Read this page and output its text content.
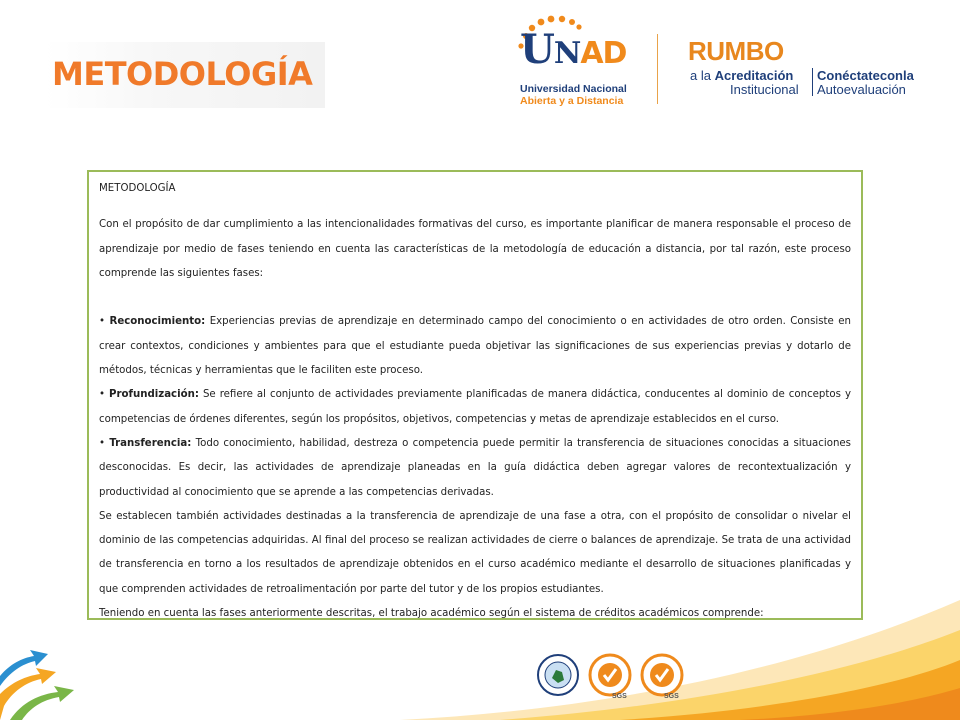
METODOLOGÍA
UNAD
Universidad Nacional
Abierta y a Distancia
RUMBO
a la Acreditación
Institucional
Conéctateconla
Autoevaluación

METODOLOGÍA

Con el propósito de dar cumplimiento a las intencionalidades formativas del curso, es importante planificar de manera responsable el proceso de aprendizaje por medio de fases teniendo en cuenta las características de la metodología de educación a distancia, por tal razón, este proceso comprende las siguientes fases:

• Reconocimiento: Experiencias previas de aprendizaje en determinado campo del conocimiento o en actividades de otro orden. Consiste en crear contextos, condiciones y ambientes para que el estudiante pueda objetivar las significaciones de sus experiencias previas y dotarlo de métodos, técnicas y herramientas que le faciliten este proceso.

• Profundización: Se refiere al conjunto de actividades previamente planificadas de manera didáctica, conducentes al dominio de conceptos y competencias de órdenes diferentes, según los propósitos, objetivos, competencias y metas de aprendizaje establecidos en el curso.

• Transferencia: Todo conocimiento, habilidad, destreza o competencia puede permitir la transferencia de situaciones conocidas a situaciones desconocidas. Es decir, las actividades de aprendizaje planeadas en la guía didáctica deben agregar valores de recontextualización y productividad al conocimiento que se aprende a las competencias derivadas.

Se establecen también actividades destinadas a la transferencia de aprendizaje de una fase a otra, con el propósito de consolidar o nivelar el dominio de las competencias adquiridas. Al final del proceso se realizan actividades de cierre o balances de aprendizaje. Se trata de una actividad de transferencia en torno a los resultados de aprendizaje obtenidos en el curso académico mediante el desarrollo de situaciones planificadas y que comprenden actividades de retroalimentación por parte del tutor y de los propios estudiantes.

Teniendo en cuenta las fases anteriormente descritas, el trabajo académico según el sistema de créditos académicos comprende:

SGS	SGS
